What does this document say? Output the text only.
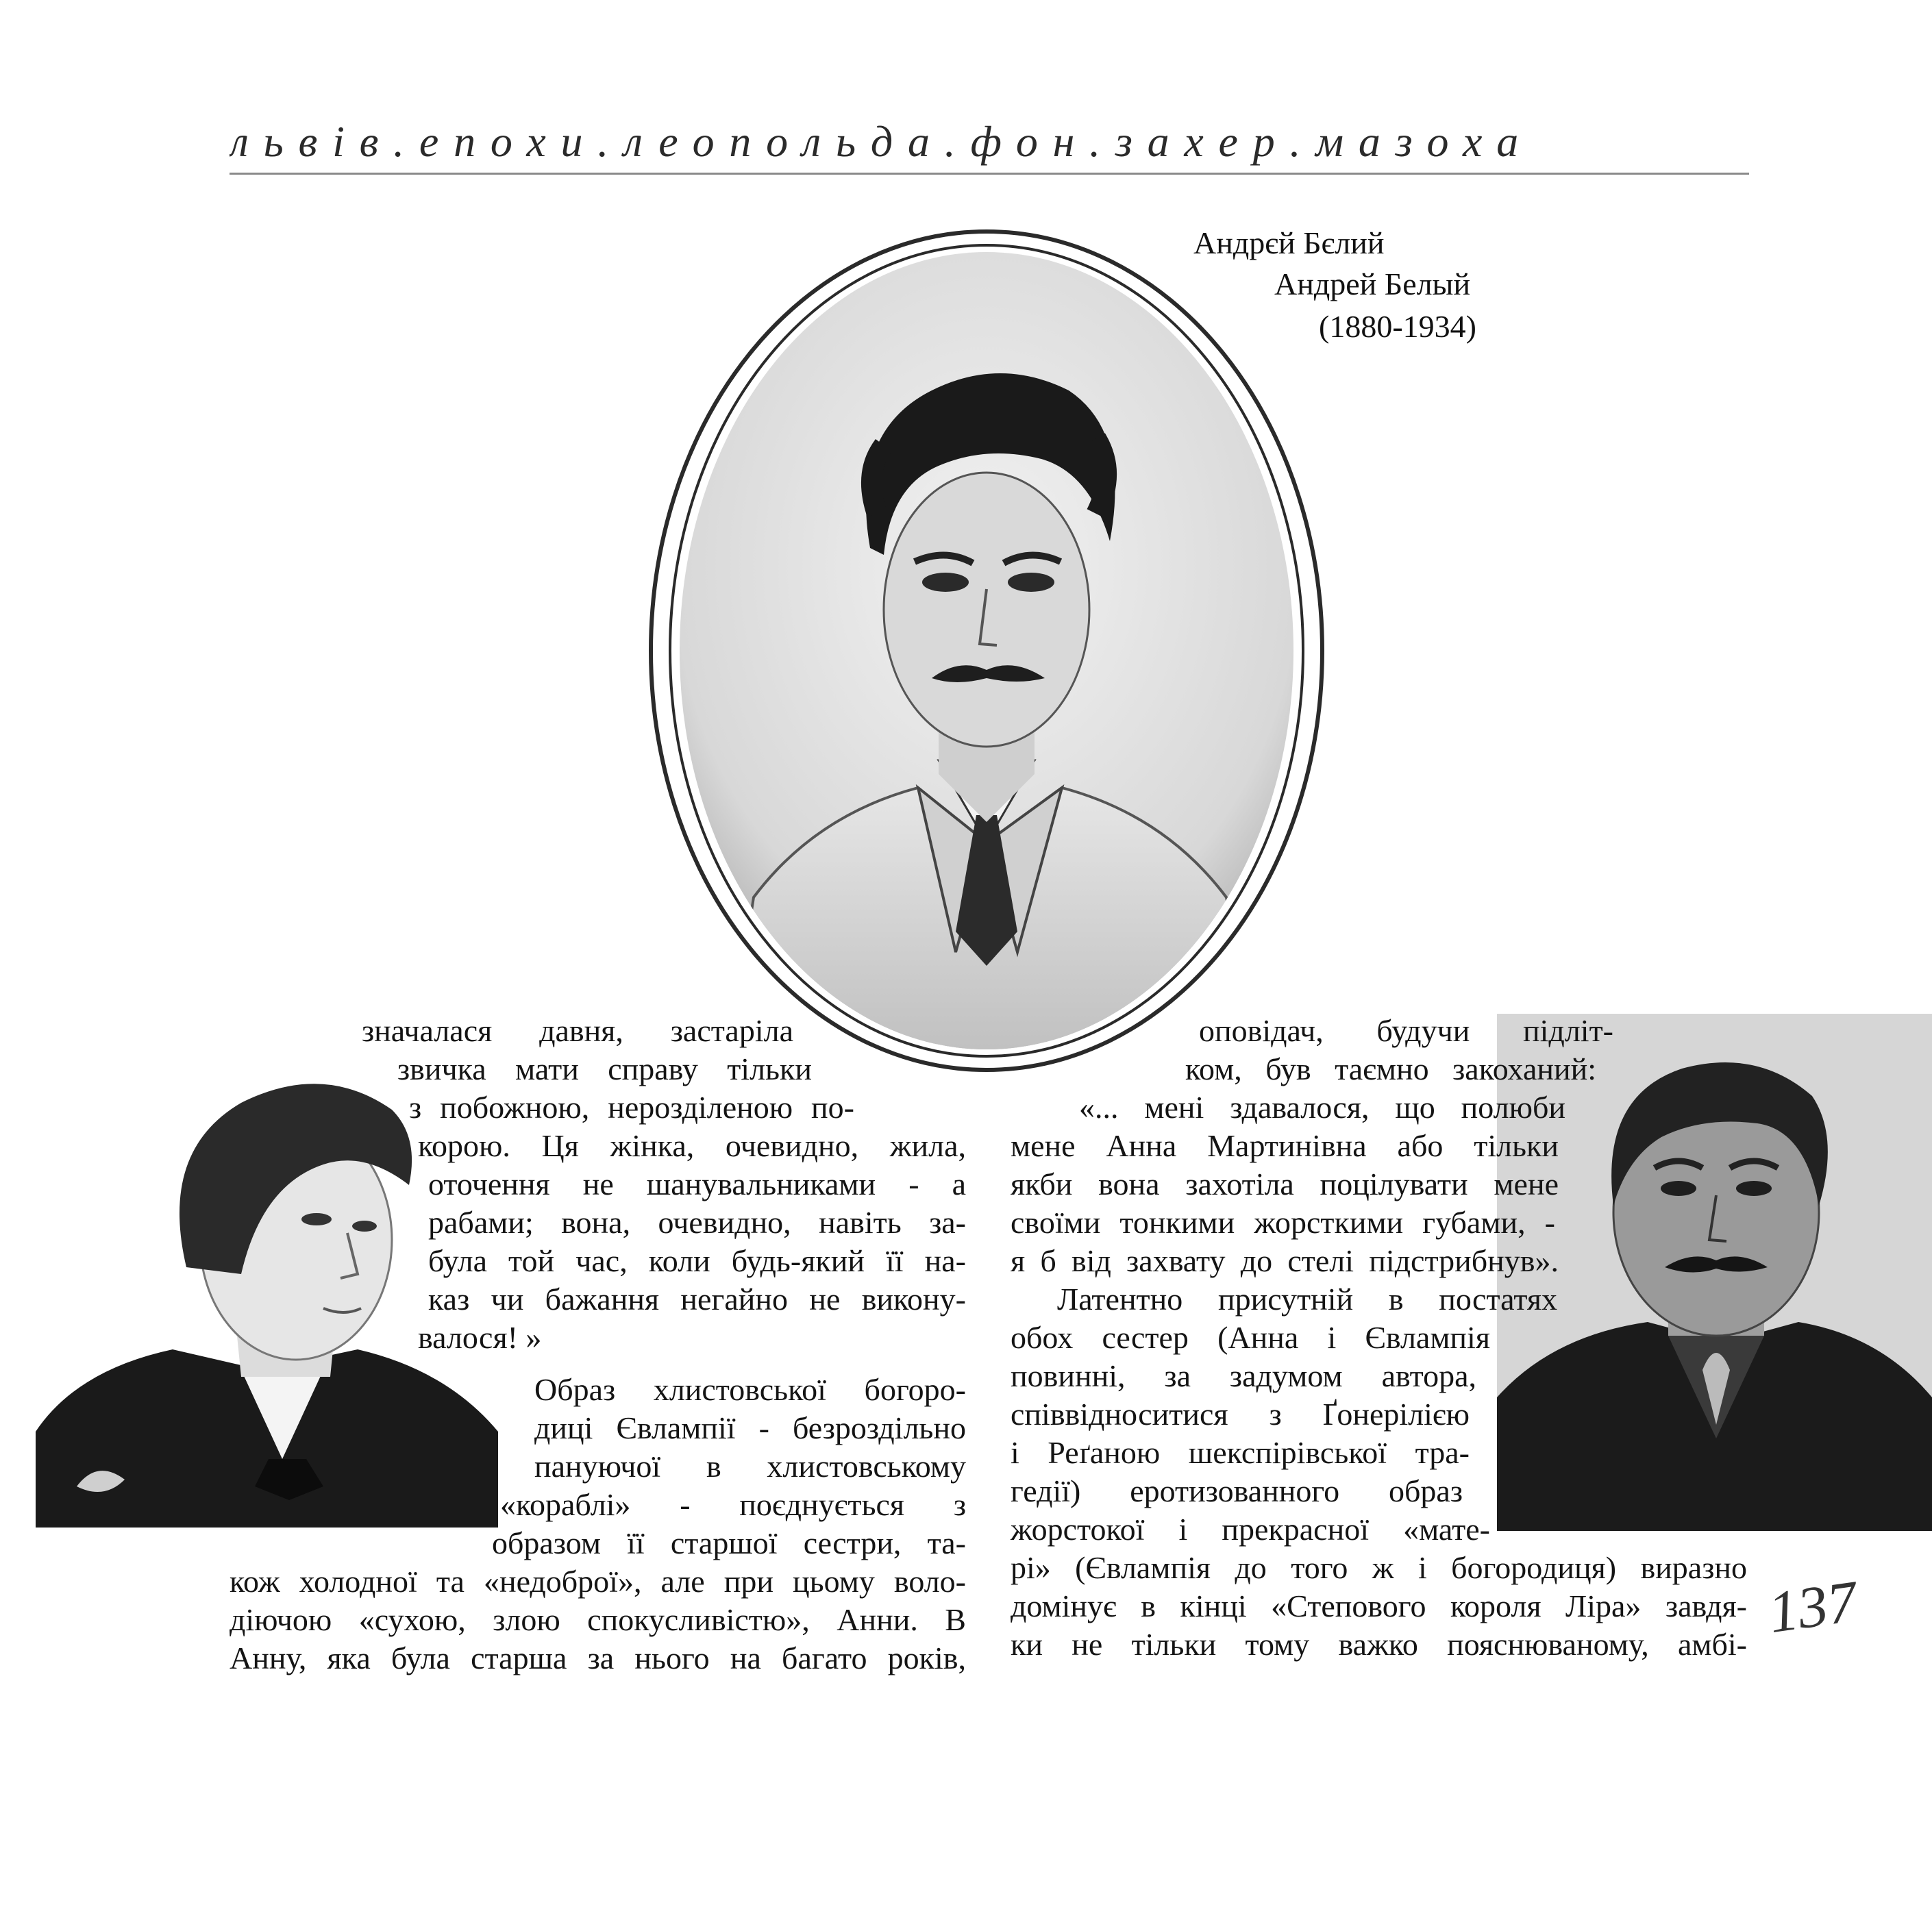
львів.епохи.леопольда.фон.захер.мазоха
Андрєй Бєлий
Андрей Белый
(1880-1934)
значалася давня, застаріла
звичка мати справу тільки
з побожною, нерозділеною по-
корою. Ця жінка, очевидно, жила,
оточення не шанувальниками - а
рабами; вона, очевидно, навіть за-
була той час, коли будь-який її на-
каз чи бажання негайно не викону-
валося! »
Образ хлистовської богоро-
диці Євлампії - безроздільно
пануючої в хлистовському
«кораблі» - поєднується з
образом її старшої сестри, та-
кож холодної та «недоброї», але при цьому воло-
діючою «сухою, злою спокусливістю», Анни. В
Анну, яка була старша за нього на багато років,
оповідач, будучи підліт-
ком, був таємно закоханий:
«... мені здавалося, що полюби
мене Анна Мартинівна або тільки
якби вона захотіла поцілувати мене
своїми тонкими жорсткими губами, -
я б від захвату до стелі підстрибнув».
Латентно присутній в постатях
обох сестер (Анна і Євлампія
повинні, за задумом автора,
співвідноситися з Ґонерілією
і Реґаною шекспірівської тра-
гедії) еротизованного образ
жорстокої і прекрасної «мате-
рі» (Євлампія до того ж і богородиця) виразно
домінує в кінці «Степового короля Ліра» завдя-
ки не тільки тому важко пояснюваному, амбі- 137
